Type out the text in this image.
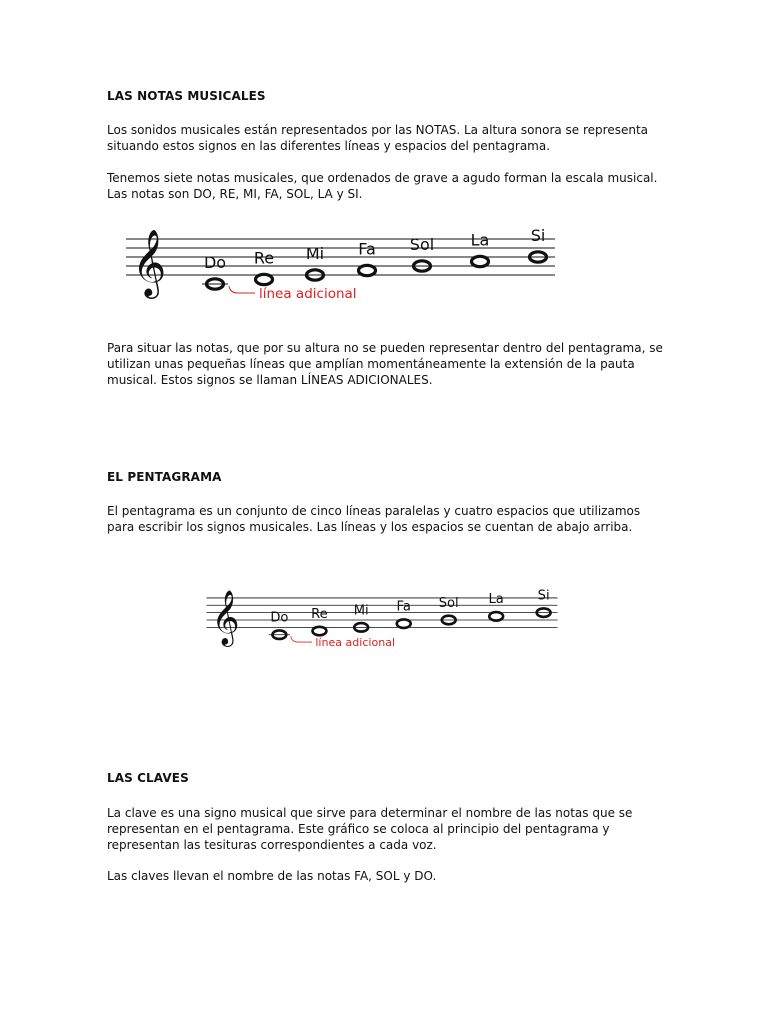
LAS NOTAS MUSICALES

Los sonidos musicales están representados por las NOTAS. La altura sonora se representa situando estos signos en las diferentes líneas y espacios del pentagrama.

Tenemos siete notas musicales, que ordenados de grave a agudo forman la escala musical. Las notas son DO, RE, MI, FA, SOL, LA y SI.

𝄞 Do Re Mi Fa Sol La	Si
línea adicional

Para situar las notas, que por su altura no se pueden representar dentro del pentagrama, se utilizan unas pequeñas líneas que amplían momentáneamente la extensión de la pauta musical. Estos signos se llaman LÍNEAS ADICIONALES.

EL PENTAGRAMA

El pentagrama es un conjunto de cinco líneas paralelas y cuatro espacios que utilizamos para escribir los signos musicales. Las líneas y los espacios se cuentan de abajo arriba.

𝄞 Do Re Mi Fa Sol La Si
línea adicional
LAS CLAVES

La clave es una signo musical que sirve para determinar el nombre de las notas que se representan en el pentagrama. Este gráfico se coloca al principio del pentagrama y representan las tesituras correspondientes a cada voz.

Las claves llevan el nombre de las notas FA, SOL y DO.
